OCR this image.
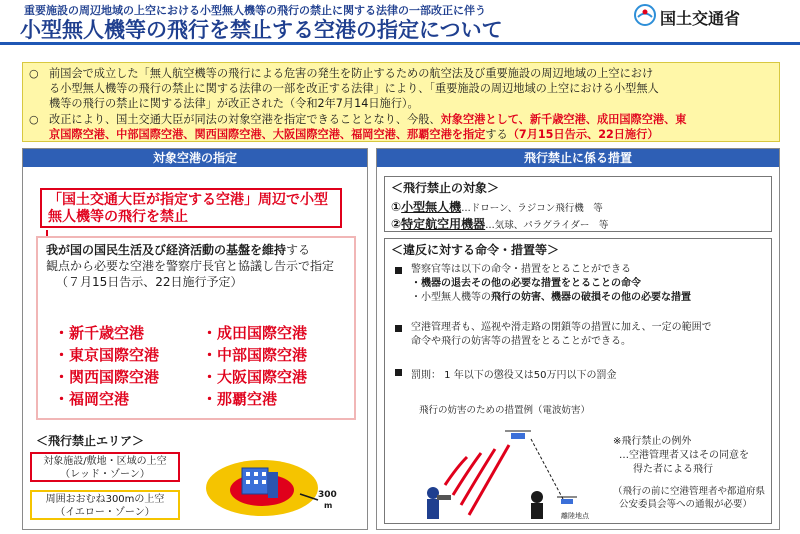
重要施設の周辺地域の上空における小型無人機等の飛行の禁止に関する法律の一部改正に伴う
小型無人機等の飛行を禁止する空港の指定について	国土交通省
○ 前国会で成立した「無人航空機等の飛行による危害の発生を防止するための航空法及び重要施設の周辺地域の上空におけ
る小型無人機等の飛行の禁止に関する法律の一部を改正する法律」により、「重要施設の周辺地域の上空における小型無人
機等の飛行の禁止に関する法律」が改正された（令和2年7月14日施行）。
○ 改正により、国土交通大臣が同法の対象空港を指定できることとなり、今般、対象空港として、新千歳空港、成田国際空港、東
京国際空港、中部国際空港、関西国際空港、大阪国際空港、福岡空港、那覇空港を指定する（7月15日告示、22日施行）
対象空港の指定
「国土交通大臣が指定する空港」周辺で小型
無人機等の飛行を禁止
我が国の国民生活及び経済活動の基盤を維持する
観点から必要な空港を警察庁長官と協議し告示で指定
（７月15日告示、22日施行予定）
・新千歳空港	・成田国際空港
・東京国際空港	・中部国際空港
・関西国際空港	・大阪国際空港
・福岡空港	・那覇空港
＜飛行禁止エリア＞
対象施設/敷地・区域の上空
（レッド・ゾーン）
周囲おおむね300mの上空
（イエロー・ゾーン）
300
m
飛行禁止に係る措置
＜飛行禁止の対象＞
①小型無人機…ドローン、ラジコン飛行機　等
②特定航空用機器…気球、パラグライダー　等
＜違反に対する命令・措置等＞
警察官等は以下の命令・措置をとることができる
・機器の退去その他の必要な措置をとることの命令
・小型無人機等の飛行の妨害、機器の破損その他の必要な措置
空港管理者も、巡视や滑走路の閉鎖等の措置に加え、一定の範囲で
命令や飛行の妨害等の措置をとることができる。
罰則： 1 年以下の懲役又は50万円以下の罰金
飛行の妨害のための措置例（電波妨害）
離陸地点
※飛行禁止の例外
…空港管理者又はその同意を
得た者による飛行
（飛行の前に空港管理者や都道府県
公安委員会等への通報が必要）
